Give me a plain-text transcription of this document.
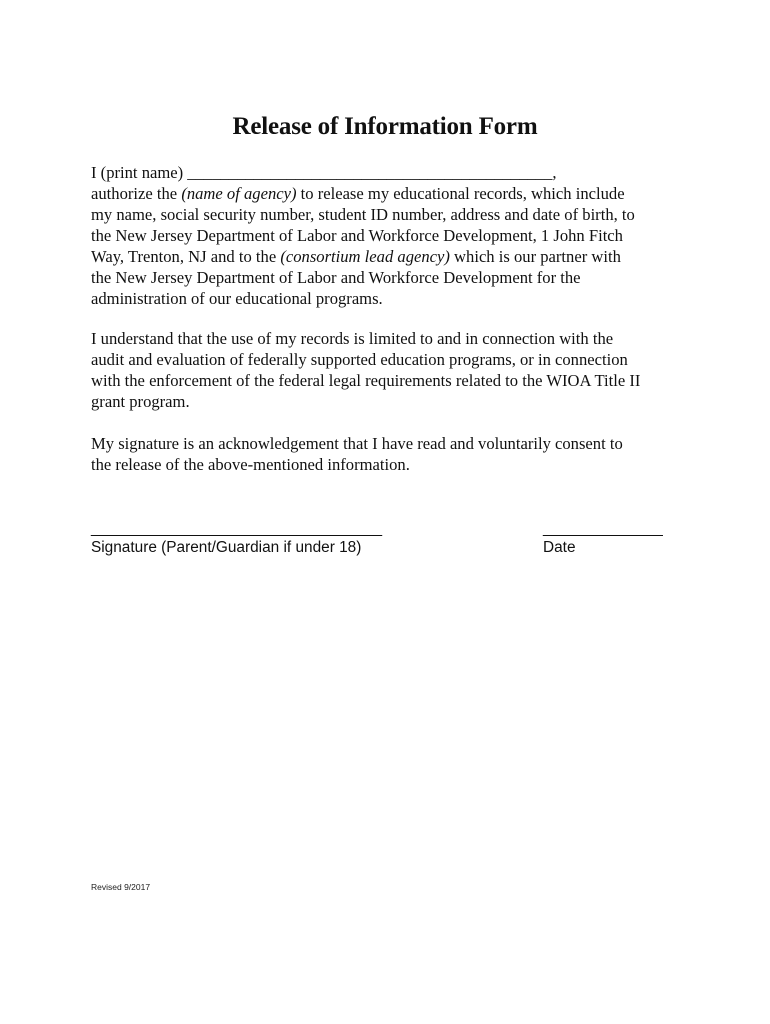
Release of Information Form
I (print name) ____________________________________________,
authorize the (name of agency) to release my educational records, which include
my name, social security number, student ID number, address and date of birth, to
the New Jersey Department of Labor and Workforce Development, 1 John Fitch
Way, Trenton, NJ and to the (consortium lead agency) which is our partner with
the New Jersey Department of Labor and Workforce Development for the
administration of our educational programs.
I understand that the use of my records is limited to and in connection with the
audit and evaluation of federally supported education programs, or in connection
with the enforcement of the federal legal requirements related to the WIOA Title II
grant program.
My signature is an acknowledgement that I have read and voluntarily consent to
the release of the above-mentioned information.
__________________________________	______________
Signature (Parent/Guardian if under 18)	Date
Revised 9/2017
